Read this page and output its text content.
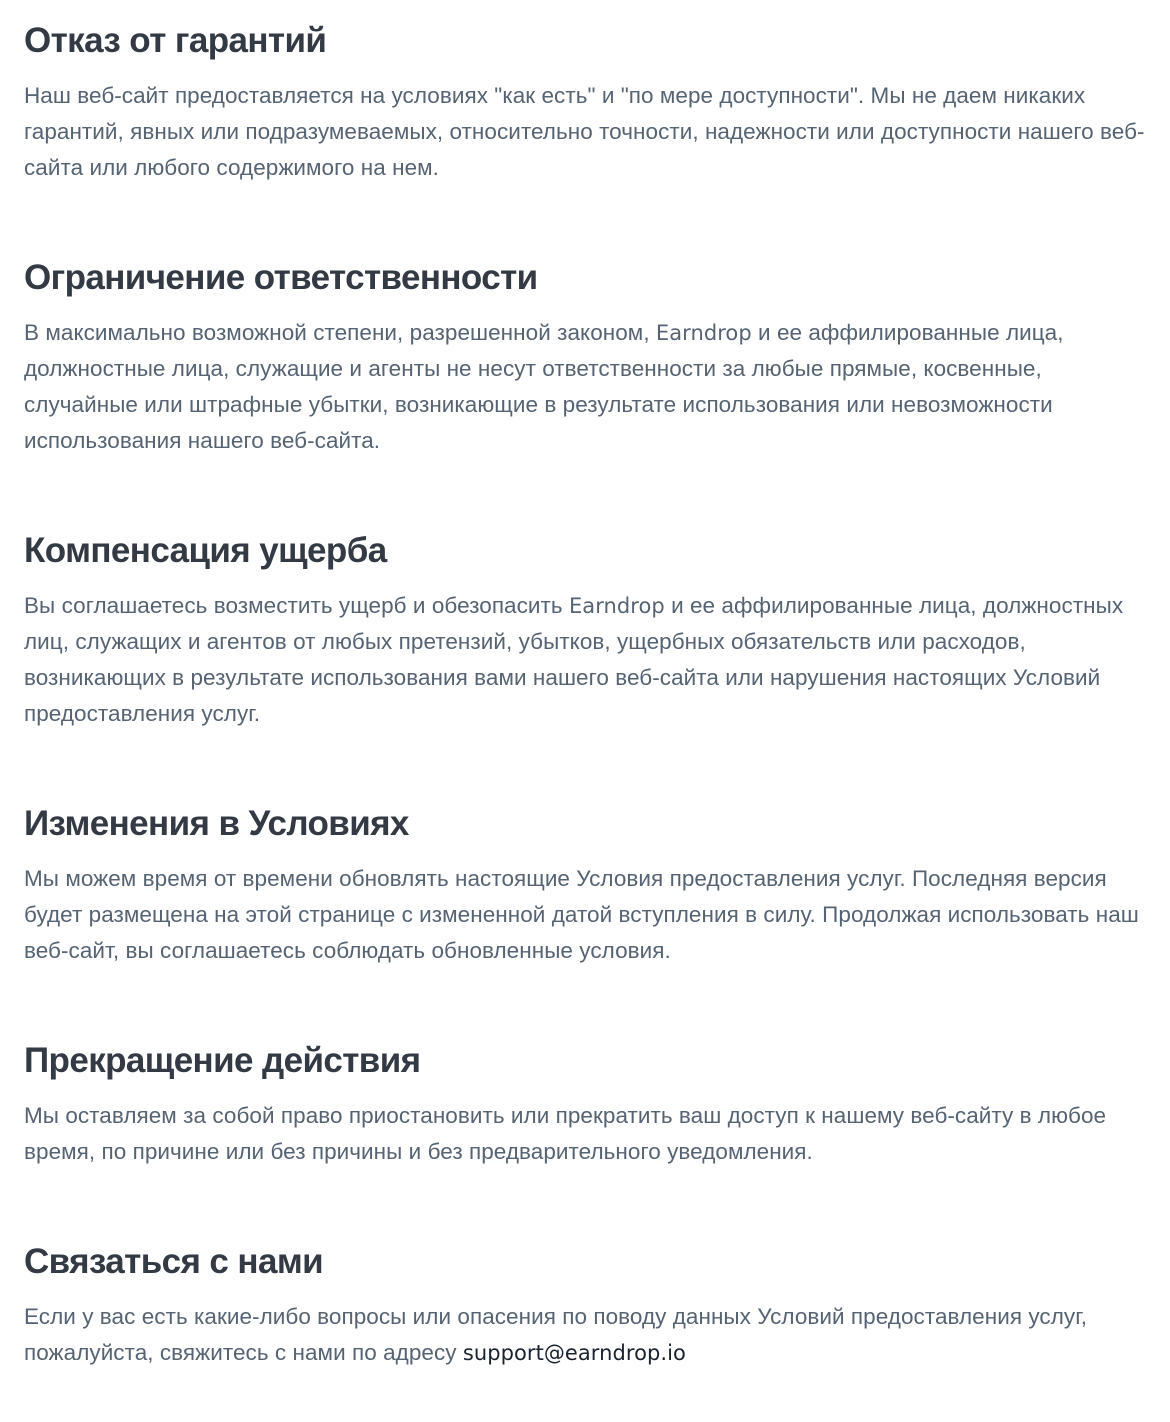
Отказ от гарантий

Наш веб-сайт предоставляется на условиях "как есть" и "по мере доступности". Мы не даем никаких гарантий, явных или подразумеваемых, относительно точности, надежности или доступности нашего веб-сайта или любого содержимого на нем.

Ограничение ответственности

В максимально возможной степени, разрешенной законом, Earndrop и ее аффилированные лица, должностные лица, служащие и агенты не несут ответственности за любые прямые, косвенные, случайные или штрафные убытки, возникающие в результате использования или невозможности использования нашего веб-сайта.

Компенсация ущерба

Вы соглашаетесь возместить ущерб и обезопасить Earndrop и ее аффилированные лица, должностных лиц, служащих и агентов от любых претензий, убытков, ущербных обязательств или расходов, возникающих в результате использования вами нашего веб-сайта или нарушения настоящих Условий предоставления услуг.

Изменения в Условиях

Мы можем время от времени обновлять настоящие Условия предоставления услуг. Последняя версия будет размещена на этой странице с измененной датой вступления в силу. Продолжая использовать наш веб-сайт, вы соглашаетесь соблюдать обновленные условия.

Прекращение действия

Мы оставляем за собой право приостановить или прекратить ваш доступ к нашему веб-сайту в любое время, по причине или без причины и без предварительного уведомления.

Связаться с нами

Если у вас есть какие-либо вопросы или опасения по поводу данных Условий предоставления услуг, пожалуйста, свяжитесь с нами по адресу support@earndrop.io
